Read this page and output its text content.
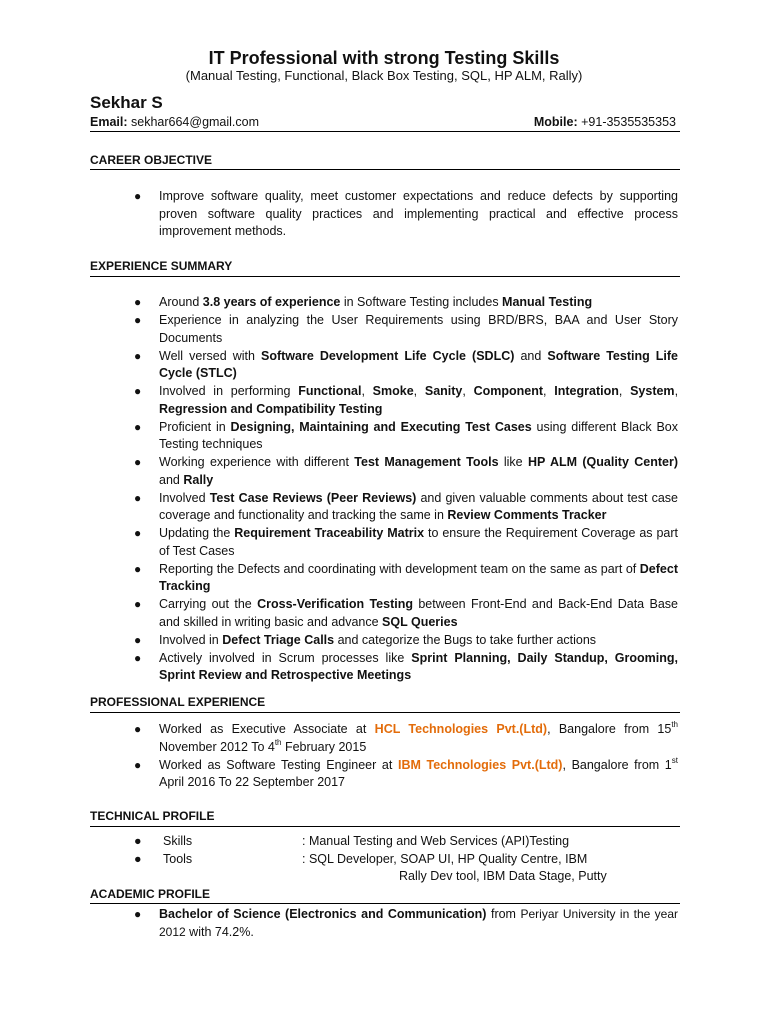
IT Professional with strong Testing Skills
(Manual Testing, Functional, Black Box Testing, SQL, HP ALM, Rally)
Sekhar S
Email: sekhar664@gmail.com	Mobile: +91-3535535353
CAREER OBJECTIVE
● Improve software quality, meet customer expectations and reduce defects by supporting proven software quality practices and implementing practical and effective process improvement methods.
EXPERIENCE SUMMARY
● Around 3.8 years of experience in Software Testing includes Manual Testing
● Experience in analyzing the User Requirements using BRD/BRS, BAA and User Story Documents
● Well versed with Software Development Life Cycle (SDLC) and Software Testing Life Cycle (STLC)
● Involved in performing Functional, Smoke, Sanity, Component, Integration, System, Regression and Compatibility Testing
● Proficient in Designing, Maintaining and Executing Test Cases using different Black Box Testing techniques
● Working experience with different Test Management Tools like HP ALM (Quality Center) and Rally
● Involved Test Case Reviews (Peer Reviews) and given valuable comments about test case coverage and functionality and tracking the same in Review Comments Tracker
● Updating the Requirement Traceability Matrix to ensure the Requirement Coverage as part of Test Cases
● Reporting the Defects and coordinating with development team on the same as part of Defect Tracking
● Carrying out the Cross-Verification Testing between Front-End and Back-End Data Base and skilled in writing basic and advance SQL Queries
● Involved in Defect Triage Calls and categorize the Bugs to take further actions
● Actively involved in Scrum processes like Sprint Planning, Daily Standup, Grooming, Sprint Review and Retrospective Meetings
PROFESSIONAL EXPERIENCE
● Worked as Executive Associate at HCL Technologies Pvt.(Ltd), Bangalore from 15th November 2012 To 4th February 2015
● Worked as Software Testing Engineer at IBM Technologies Pvt.(Ltd), Bangalore from 1st April 2016 To 22 September 2017
TECHNICAL PROFILE
● Skills	: Manual Testing and Web Services (API)Testing
● Tools	: SQL Developer, SOAP UI, HP Quality Centre, IBM
Rally Dev tool, IBM Data Stage, Putty
ACADEMIC PROFILE
● Bachelor of Science (Electronics and Communication) from Periyar University in the year 2012 with 74.2%.
